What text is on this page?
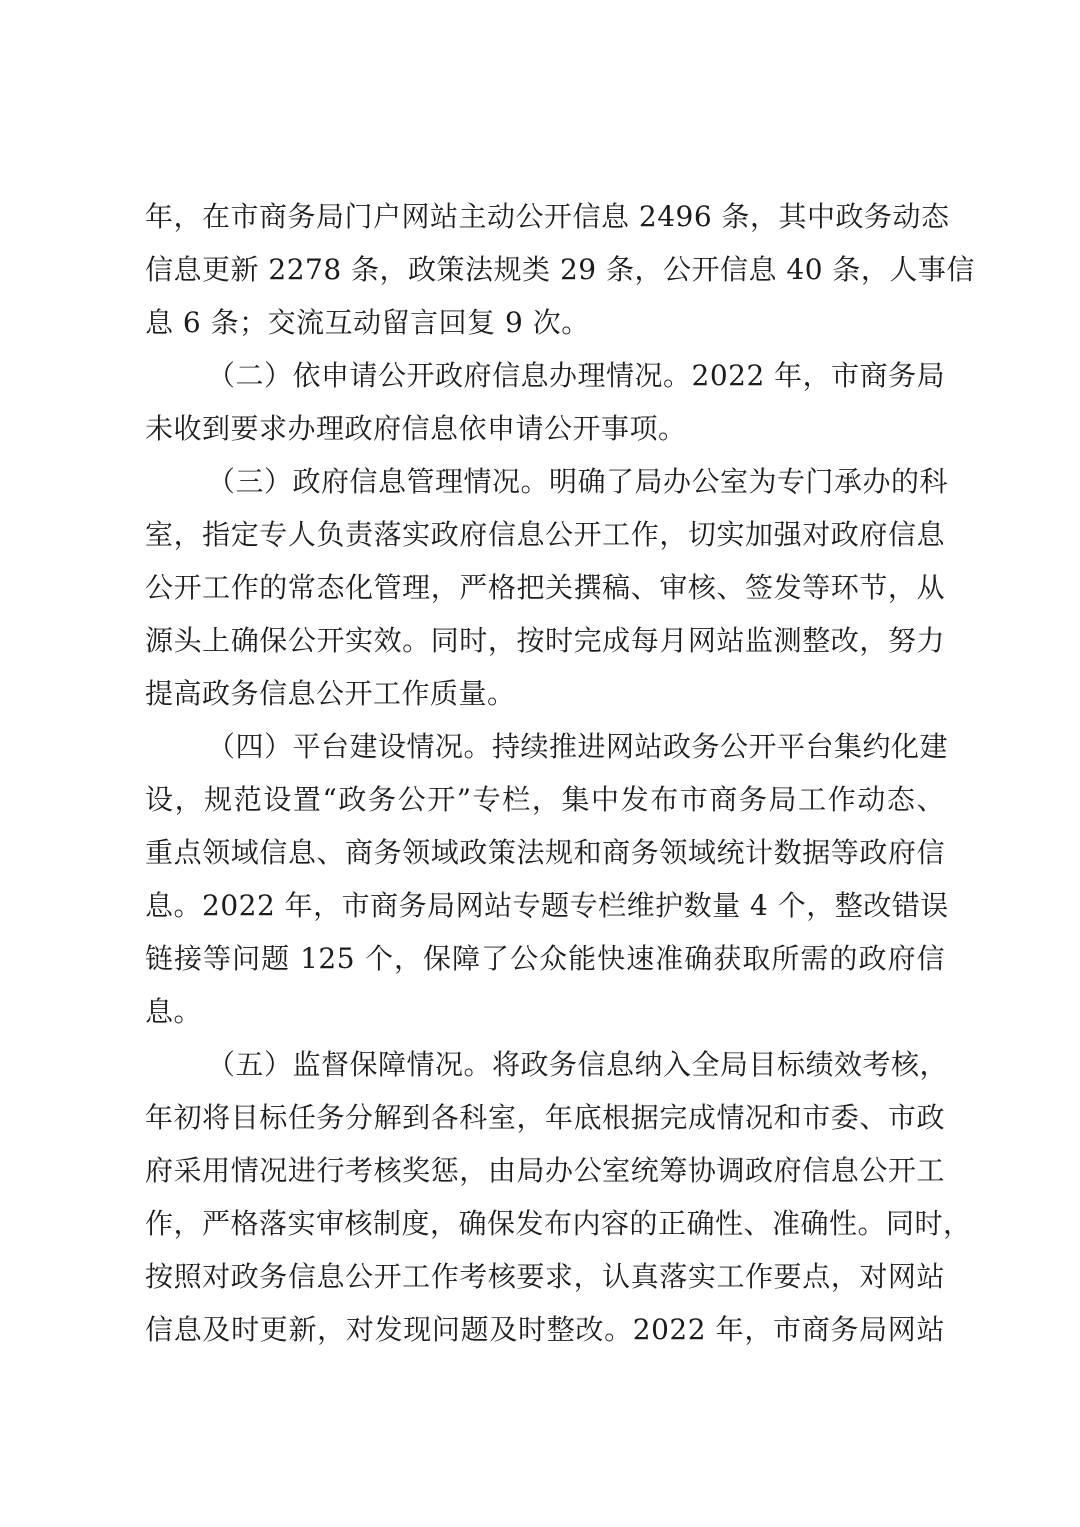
年，在市商务局门户网站主动公开信息 2496 条，其中政务动态
信息更新 2278 条，政策法规类 29 条，公开信息 40 条，人事信
息 6 条；交流互动留言回复 9 次。
（二）依申请公开政府信息办理情况。2022 年，市商务局
未收到要求办理政府信息依申请公开事项。
（三）政府信息管理情况。明确了局办公室为专门承办的科
室，指定专人负责落实政府信息公开工作，切实加强对政府信息
公开工作的常态化管理，严格把关撰稿、审核、签发等环节，从
源头上确保公开实效。同时，按时完成每月网站监测整改，努力
提高政务信息公开工作质量。
（四）平台建设情况。持续推进网站政务公开平台集约化建
设，规范设置“政务公开”专栏，集中发布市商务局工作动态、
重点领域信息、商务领域政策法规和商务领域统计数据等政府信
息。2022 年，市商务局网站专题专栏维护数量 4 个，整改错误
链接等问题 125 个，保障了公众能快速准确获取所需的政府信
息。
（五）监督保障情况。将政务信息纳入全局目标绩效考核，
年初将目标任务分解到各科室，年底根据完成情况和市委、市政
府采用情况进行考核奖惩，由局办公室统筹协调政府信息公开工
作，严格落实审核制度，确保发布内容的正确性、准确性。同时，
按照对政务信息公开工作考核要求，认真落实工作要点，对网站
信息及时更新，对发现问题及时整改。2022 年，市商务局网站
